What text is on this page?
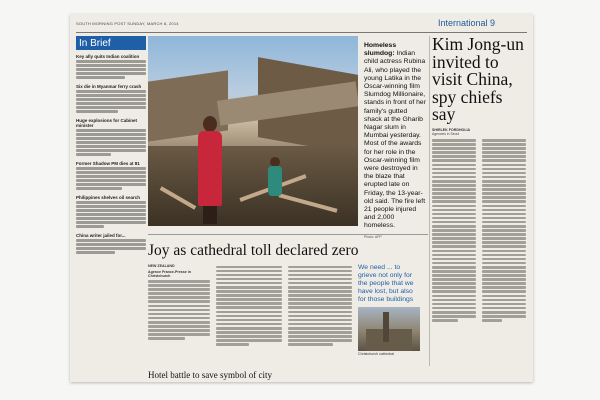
SOUTH MORNING POST SUNDAY, MARCH 8, 2014	International 9
In Brief
Key ally quits Indian coalition
Six die in Myanmar ferry crash
Huge explosions for Cabinet minister
Former Shadow PM dies at 81
Philippines shelves oil search
China writer jailed for...
Homeless slumdog: Indian child actress Rubina Ali, who played the young Latika in the Oscar-winning film Slumdog Millionaire, stands in front of her family's gutted shack at the Gharib Nagar slum in Mumbai yesterday. Most of the awards for her role in the Oscar-winning film were destroyed in the blaze that erupted late on Friday, the 13-year-old said. The fire left 21 people injured and 2,000 homeless.
Photo: AFP
Joy as cathedral toll declared zero
NEW ZEALAND
Agence France-Presse in Christchurch
We need ... to grieve not only for the people that we have lost, but also for those buildings
Christchurch cathedral
Hotel battle to save symbol of city
Kim Jong-un invited to visit China, spy chiefs say
SHIRLEK FORDHOLIA
Agencies in Seoul
